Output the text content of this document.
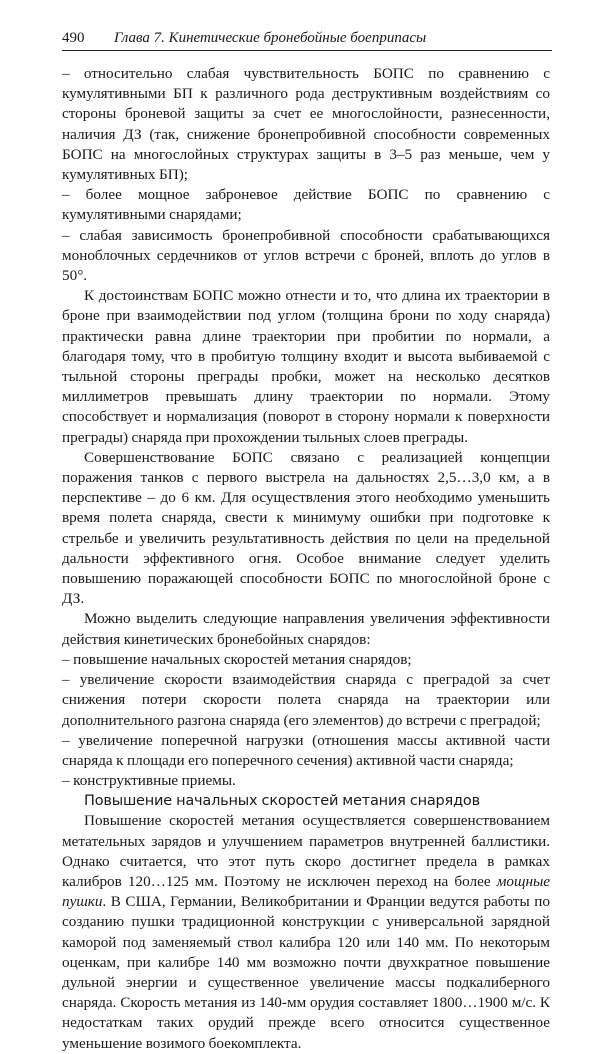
490 Глава 7. Кинетические бронебойные боеприпасы

– относительно слабая чувствительность БОПС по сравнению с кумулятивными БП к различного рода деструктивным воздействиям со стороны броневой защиты за счет ее многослойности, разнесенности, наличия ДЗ (так, снижение бронепробивной способности современных БОПС на многослойных структурах защиты в 3–5 раз меньше, чем у кумулятивных БП);

– более мощное заброневое действие БОПС по сравнению с кумулятивными снарядами;

– слабая зависимость бронепробивной способности срабатывающихся моноблочных сердечников от углов встречи с броней, вплоть до углов в 50°.

К достоинствам БОПС можно отнести и то, что длина их траектории в броне при взаимодействии под углом (толщина брони по ходу снаряда) практически равна длине траектории при пробитии по нормали, а благодаря тому, что в пробитую толщину входит и высота выбиваемой с тыльной стороны преграды пробки, может на несколько десятков миллиметров превышать длину траектории по нормали. Этому способствует и нормализация (поворот в сторону нормали к поверхности преграды) снаряда при прохождении тыльных слоев преграды.

Совершенствование БОПС связано с реализацией концепции поражения танков с первого выстрела на дальностях 2,5…3,0 км, а в перспективе – до 6 км. Для осуществления этого необходимо уменьшить время полета снаряда, свести к минимуму ошибки при подготовке к стрельбе и увеличить результативность действия по цели на предельной дальности эффективного огня. Особое внимание следует уделить повышению поражающей способности БОПС по многослойной броне с ДЗ.

Можно выделить следующие направления увеличения эффективности действия кинетических бронебойных снарядов:

– повышение начальных скоростей метания снарядов;

– увеличение скорости взаимодействия снаряда с преградой за счет снижения потери скорости полета снаряда на траектории или дополнительного разгона снаряда (его элементов) до встречи с преградой;

– увеличение поперечной нагрузки (отношения массы активной части снаряда к площади его поперечного сечения) активной части снаряда;

– конструктивные приемы.

Повышение начальных скоростей метания снарядов

Повышение скоростей метания осуществляется совершенствованием метательных зарядов и улучшением параметров внутренней баллистики. Однако считается, что этот путь скоро достигнет предела в рамках калибров 120…125 мм. Поэтому не исключен переход на более мощные пушки. В США, Германии, Великобритании и Франции ведутся работы по созданию пушки традиционной конструкции с универсальной зарядной каморой под заменяемый ствол калибра 120 или 140 мм. По некоторым оценкам, при калибре 140 мм возможно почти двухкратное повышение дульной энергии и существенное увеличение массы подкалиберного снаряда. Скорость метания из 140-мм орудия составляет 1800…1900 м/с. К недостаткам таких орудий прежде всего относится существенное уменьшение возимого боекомплекта.
